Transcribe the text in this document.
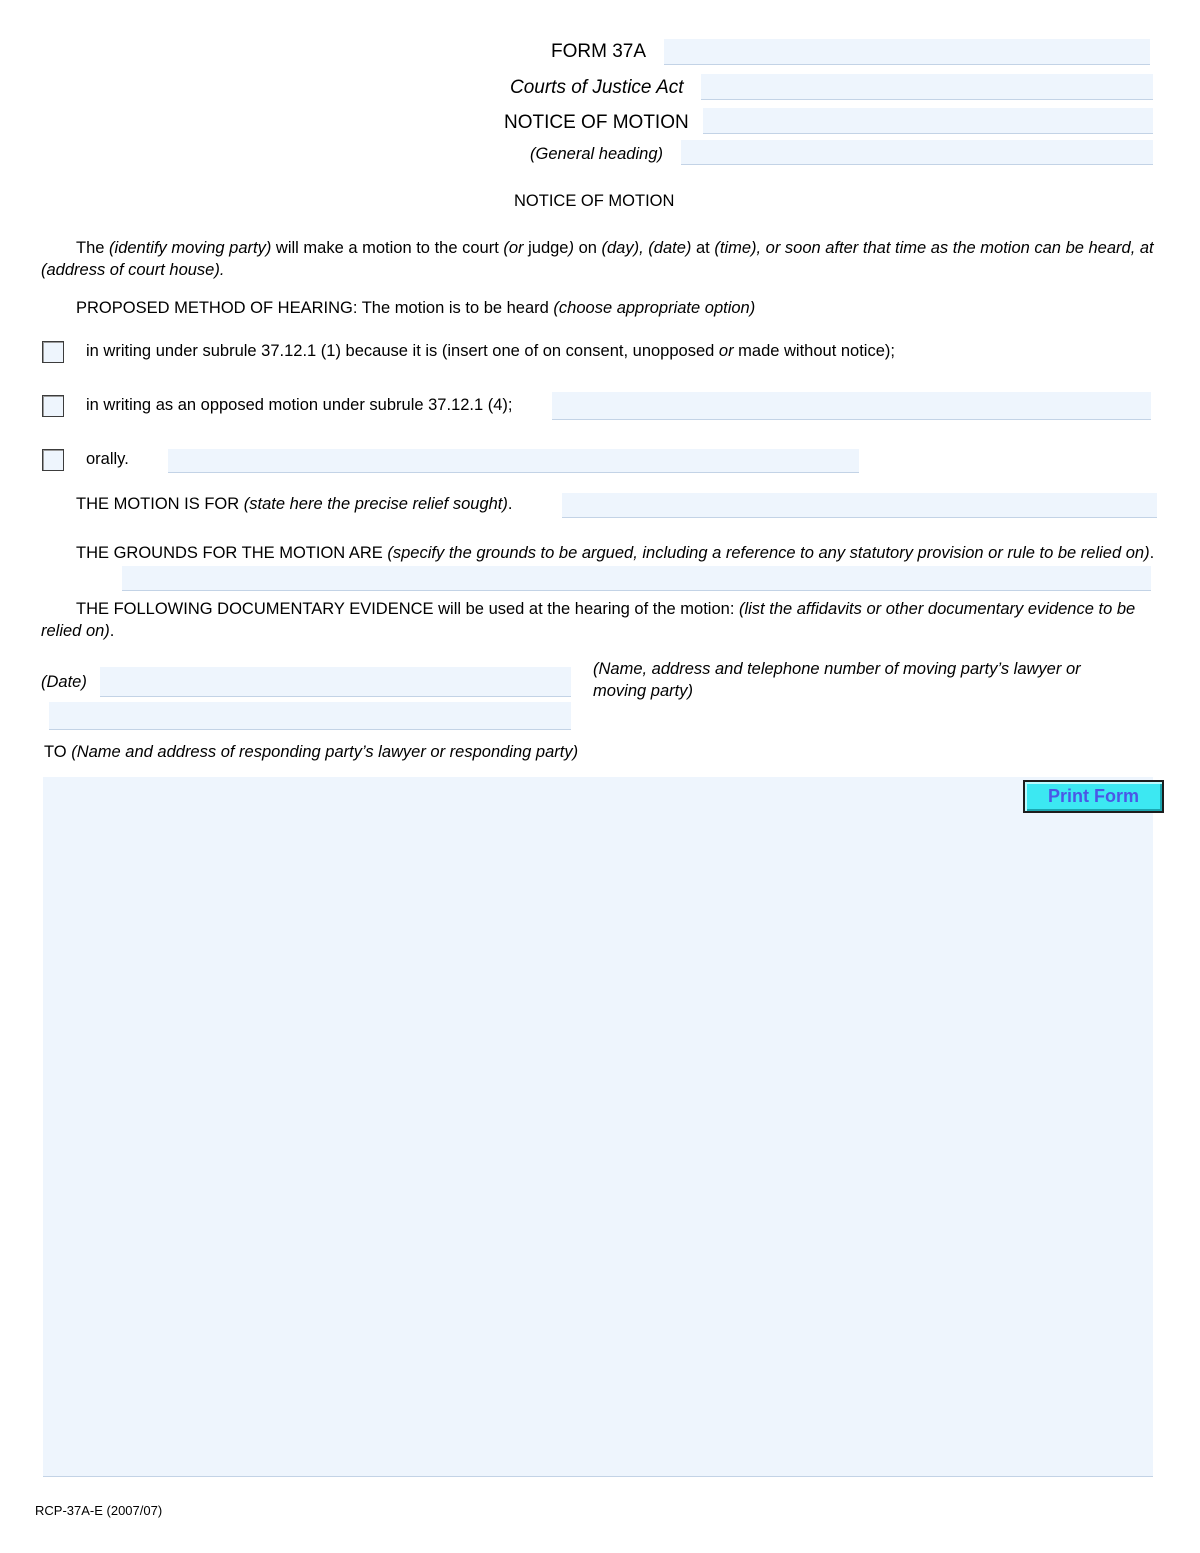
FORM 37A
Courts of Justice Act
NOTICE OF MOTION
(General heading)
NOTICE OF MOTION
The (identify moving party) will make a motion to the court (or judge) on (day), (date) at (time), or soon after that time as the motion can be heard, at (address of court house).
PROPOSED METHOD OF HEARING: The motion is to be heard (choose appropriate option)
in writing under subrule 37.12.1 (1) because it is (insert one of on consent, unopposed or made without notice);
in writing as an opposed motion under subrule 37.12.1 (4);
orally.
THE MOTION IS FOR (state here the precise relief sought).
THE GROUNDS FOR THE MOTION ARE (specify the grounds to be argued, including a reference to any statutory provision or rule to be relied on).
THE FOLLOWING DOCUMENTARY EVIDENCE will be used at the hearing of the motion: (list the affidavits or other documentary evidence to be relied on).
(Date)
(Name, address and telephone number of moving party’s lawyer or moving party)
TO (Name and address of responding party’s lawyer or responding party)
Print Form
RCP-37A-E (2007/07)
